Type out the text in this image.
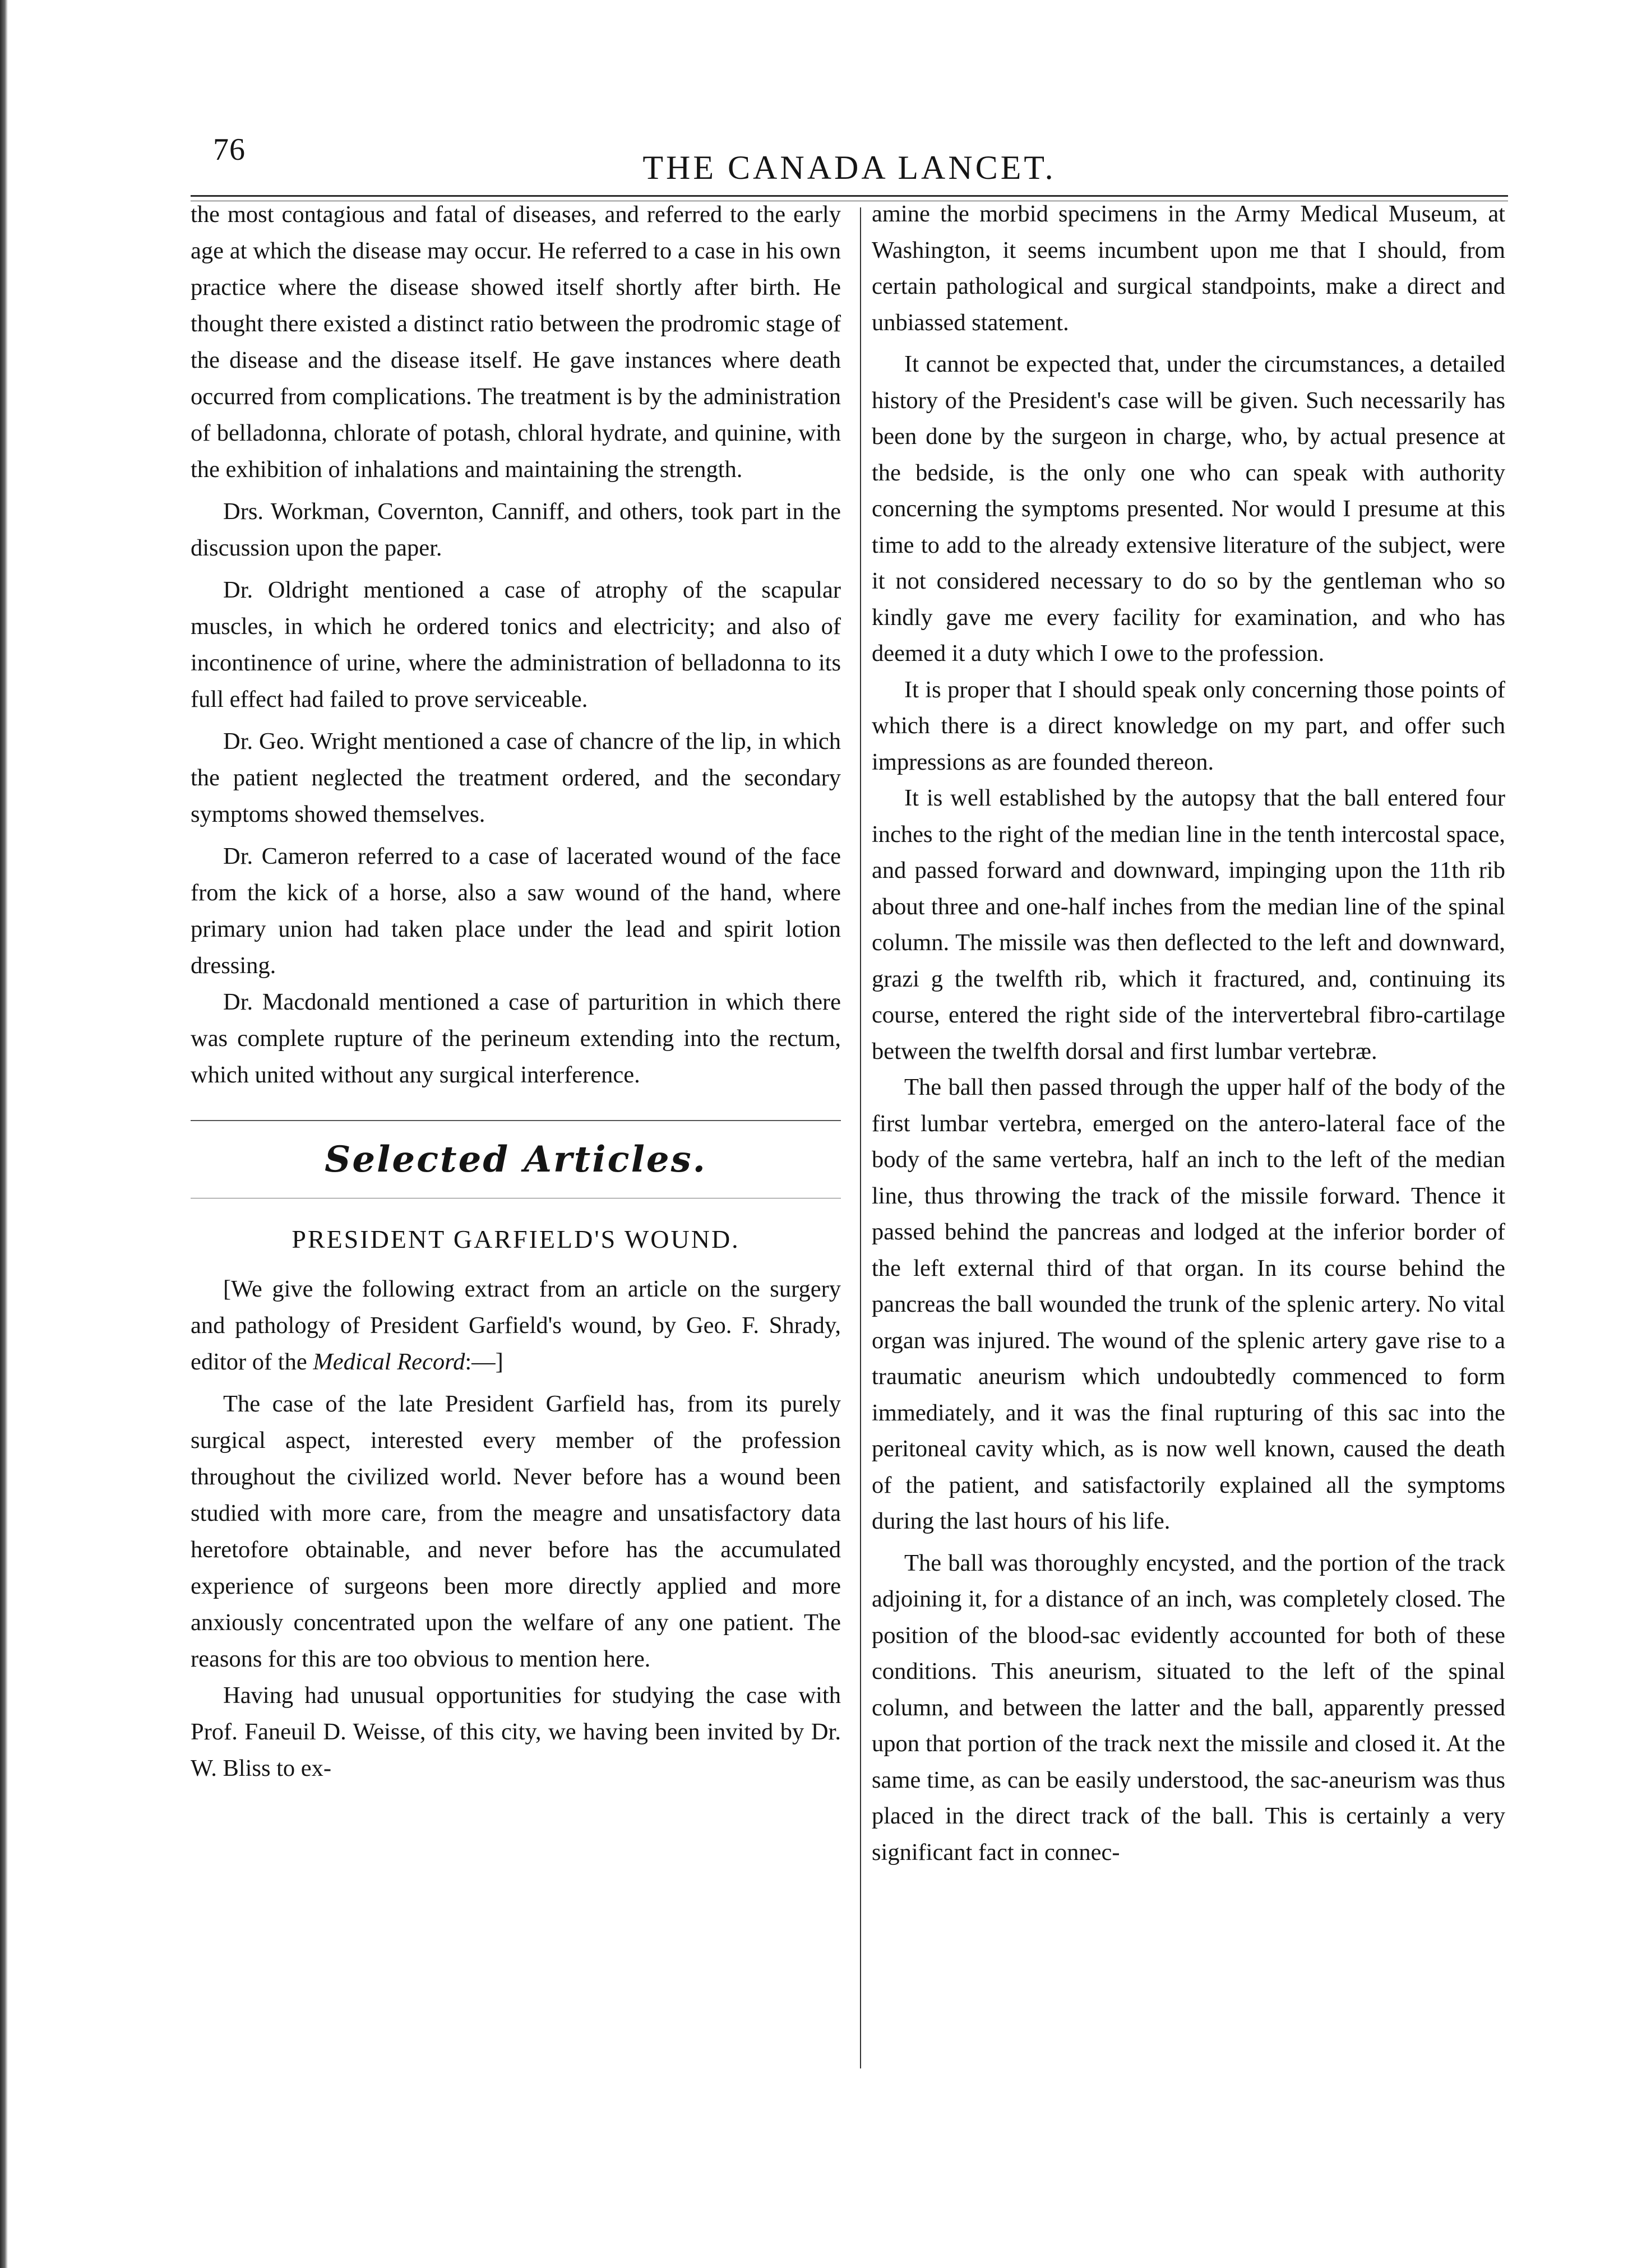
76	THE CANADA LANCET.

the most contagious and fatal of diseases, and referred to the early age at which the disease may occur. He referred to a case in his own practice where the disease showed itself shortly after birth. He thought there existed a distinct ratio between the prodromic stage of the disease and the disease itself. He gave instances where death occurred from complications. The treatment is by the administration of belladonna, chlorate of potash, chloral hydrate, and quinine, with the exhibition of inhalations and maintaining the strength.

Drs. Workman, Covernton, Canniff, and others, took part in the discussion upon the paper.

Dr. Oldright mentioned a case of atrophy of the scapular muscles, in which he ordered tonics and electricity; and also of incontinence of urine, where the administration of belladonna to its full effect had failed to prove serviceable.

Dr. Geo. Wright mentioned a case of chancre of the lip, in which the patient neglected the treatment ordered, and the secondary symptoms showed themselves.

Dr. Cameron referred to a case of lacerated wound of the face from the kick of a horse, also a saw wound of the hand, where primary union had taken place under the lead and spirit lotion dressing.

Dr. Macdonald mentioned a case of parturition in which there was complete rupture of the perineum extending into the rectum, which united without any surgical interference.

Selected Articles.
PRESIDENT GARFIELD'S WOUND.

[We give the following extract from an article on the surgery and pathology of President Garfield's wound, by Geo. F. Shrady, editor of the Medical Record:—]

The case of the late President Garfield has, from its purely surgical aspect, interested every member of the profession throughout the civilized world. Never before has a wound been studied with more care, from the meagre and unsatisfactory data heretofore obtainable, and never before has the accumulated experience of surgeons been more directly applied and more anxiously concentrated upon the welfare of any one patient. The reasons for this are too obvious to mention here.

Having had unusual opportunities for studying the case with Prof. Faneuil D. Weisse, of this city, we having been invited by Dr. W. Bliss to ex-

amine the morbid specimens in the Army Medical Museum, at Washington, it seems incumbent upon me that I should, from certain pathological and surgical standpoints, make a direct and unbiassed statement.

It cannot be expected that, under the circumstances, a detailed history of the President's case will be given. Such necessarily has been done by the surgeon in charge, who, by actual presence at the bedside, is the only one who can speak with authority concerning the symptoms presented. Nor would I presume at this time to add to the already extensive literature of the subject, were it not considered necessary to do so by the gentleman who so kindly gave me every facility for examination, and who has deemed it a duty which I owe to the profession.

It is proper that I should speak only concerning those points of which there is a direct knowledge on my part, and offer such impressions as are founded thereon.

It is well established by the autopsy that the ball entered four inches to the right of the median line in the tenth intercostal space, and passed forward and downward, impinging upon the 11th rib about three and one-half inches from the median line of the spinal column. The missile was then deflected to the left and downward, grazi g the twelfth rib, which it fractured, and, continuing its course, entered the right side of the intervertebral fibro-cartilage between the twelfth dorsal and first lumbar vertebræ.

The ball then passed through the upper half of the body of the first lumbar vertebra, emerged on the antero-lateral face of the body of the same vertebra, half an inch to the left of the median line, thus throwing the track of the missile forward. Thence it passed behind the pancreas and lodged at the inferior border of the left external third of that organ. In its course behind the pancreas the ball wounded the trunk of the splenic artery. No vital organ was injured. The wound of the splenic artery gave rise to a traumatic aneurism which undoubtedly commenced to form immediately, and it was the final rupturing of this sac into the peritoneal cavity which, as is now well known, caused the death of the patient, and satisfactorily explained all the symptoms during the last hours of his life.

The ball was thoroughly encysted, and the portion of the track adjoining it, for a distance of an inch, was completely closed. The position of the blood-sac evidently accounted for both of these conditions. This aneurism, situated to the left of the spinal column, and between the latter and the ball, apparently pressed upon that portion of the track next the missile and closed it. At the same time, as can be easily understood, the sac-aneurism was thus placed in the direct track of the ball. This is certainly a very significant fact in connec-
